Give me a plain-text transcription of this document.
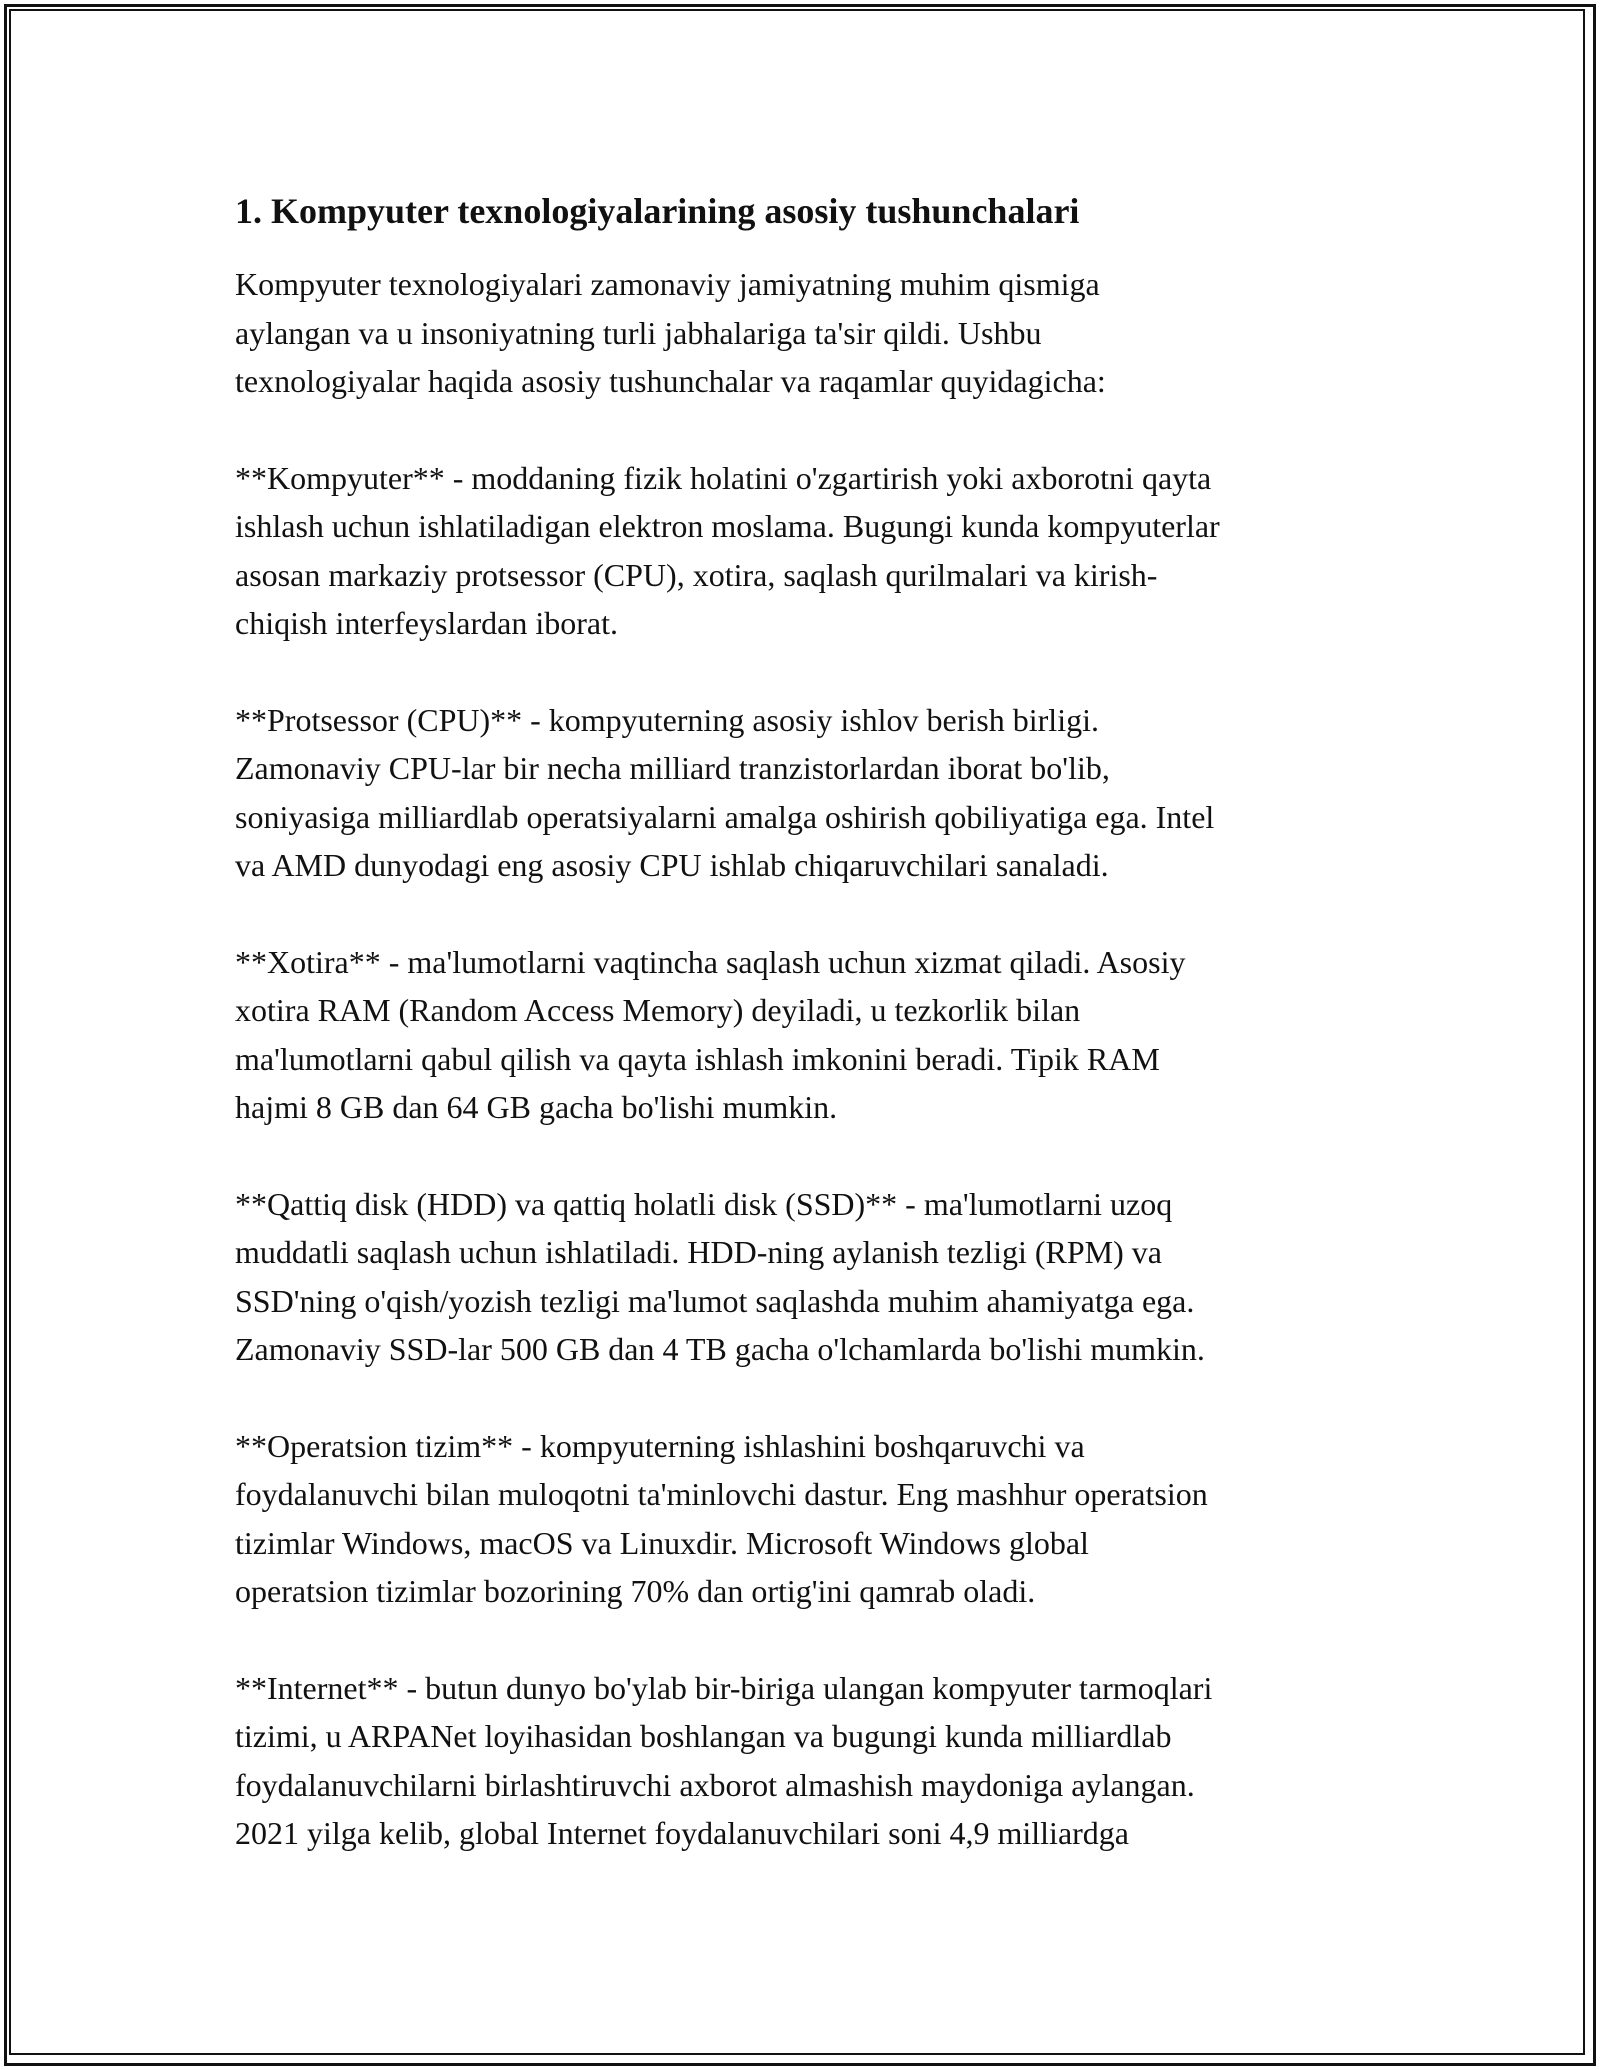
1. Kompyuter texnologiyalarining asosiy tushunchalari

Kompyuter texnologiyalari zamonaviy jamiyatning muhim qismiga
aylangan va u insoniyatning turli jabhalariga ta'sir qildi. Ushbu
texnologiyalar haqida asosiy tushunchalar va raqamlar quyidagicha:

**Kompyuter** - moddaning fizik holatini o'zgartirish yoki axborotni qayta
ishlash uchun ishlatiladigan elektron moslama. Bugungi kunda kompyuterlar
asosan markaziy protsessor (CPU), xotira, saqlash qurilmalari va kirish-
chiqish interfeyslardan iborat.

**Protsessor (CPU)** - kompyuterning asosiy ishlov berish birligi.
Zamonaviy CPU-lar bir necha milliard tranzistorlardan iborat bo'lib,
soniyasiga milliardlab operatsiyalarni amalga oshirish qobiliyatiga ega. Intel
va AMD dunyodagi eng asosiy CPU ishlab chiqaruvchilari sanaladi.

**Xotira** - ma'lumotlarni vaqtincha saqlash uchun xizmat qiladi. Asosiy
xotira RAM (Random Access Memory) deyiladi, u tezkorlik bilan
ma'lumotlarni qabul qilish va qayta ishlash imkonini beradi. Tipik RAM
hajmi 8 GB dan 64 GB gacha bo'lishi mumkin.

**Qattiq disk (HDD) va qattiq holatli disk (SSD)** - ma'lumotlarni uzoq
muddatli saqlash uchun ishlatiladi. HDD-ning aylanish tezligi (RPM) va
SSD'ning o'qish/yozish tezligi ma'lumot saqlashda muhim ahamiyatga ega.
Zamonaviy SSD-lar 500 GB dan 4 TB gacha o'lchamlarda bo'lishi mumkin.

**Operatsion tizim** - kompyuterning ishlashini boshqaruvchi va
foydalanuvchi bilan muloqotni ta'minlovchi dastur. Eng mashhur operatsion
tizimlar Windows, macOS va Linuxdir. Microsoft Windows global
operatsion tizimlar bozorining 70% dan ortig'ini qamrab oladi.

**Internet** - butun dunyo bo'ylab bir-biriga ulangan kompyuter tarmoqlari
tizimi, u ARPANet loyihasidan boshlangan va bugungi kunda milliardlab
foydalanuvchilarni birlashtiruvchi axborot almashish maydoniga aylangan.
2021 yilga kelib, global Internet foydalanuvchilari soni 4,9 milliardga
